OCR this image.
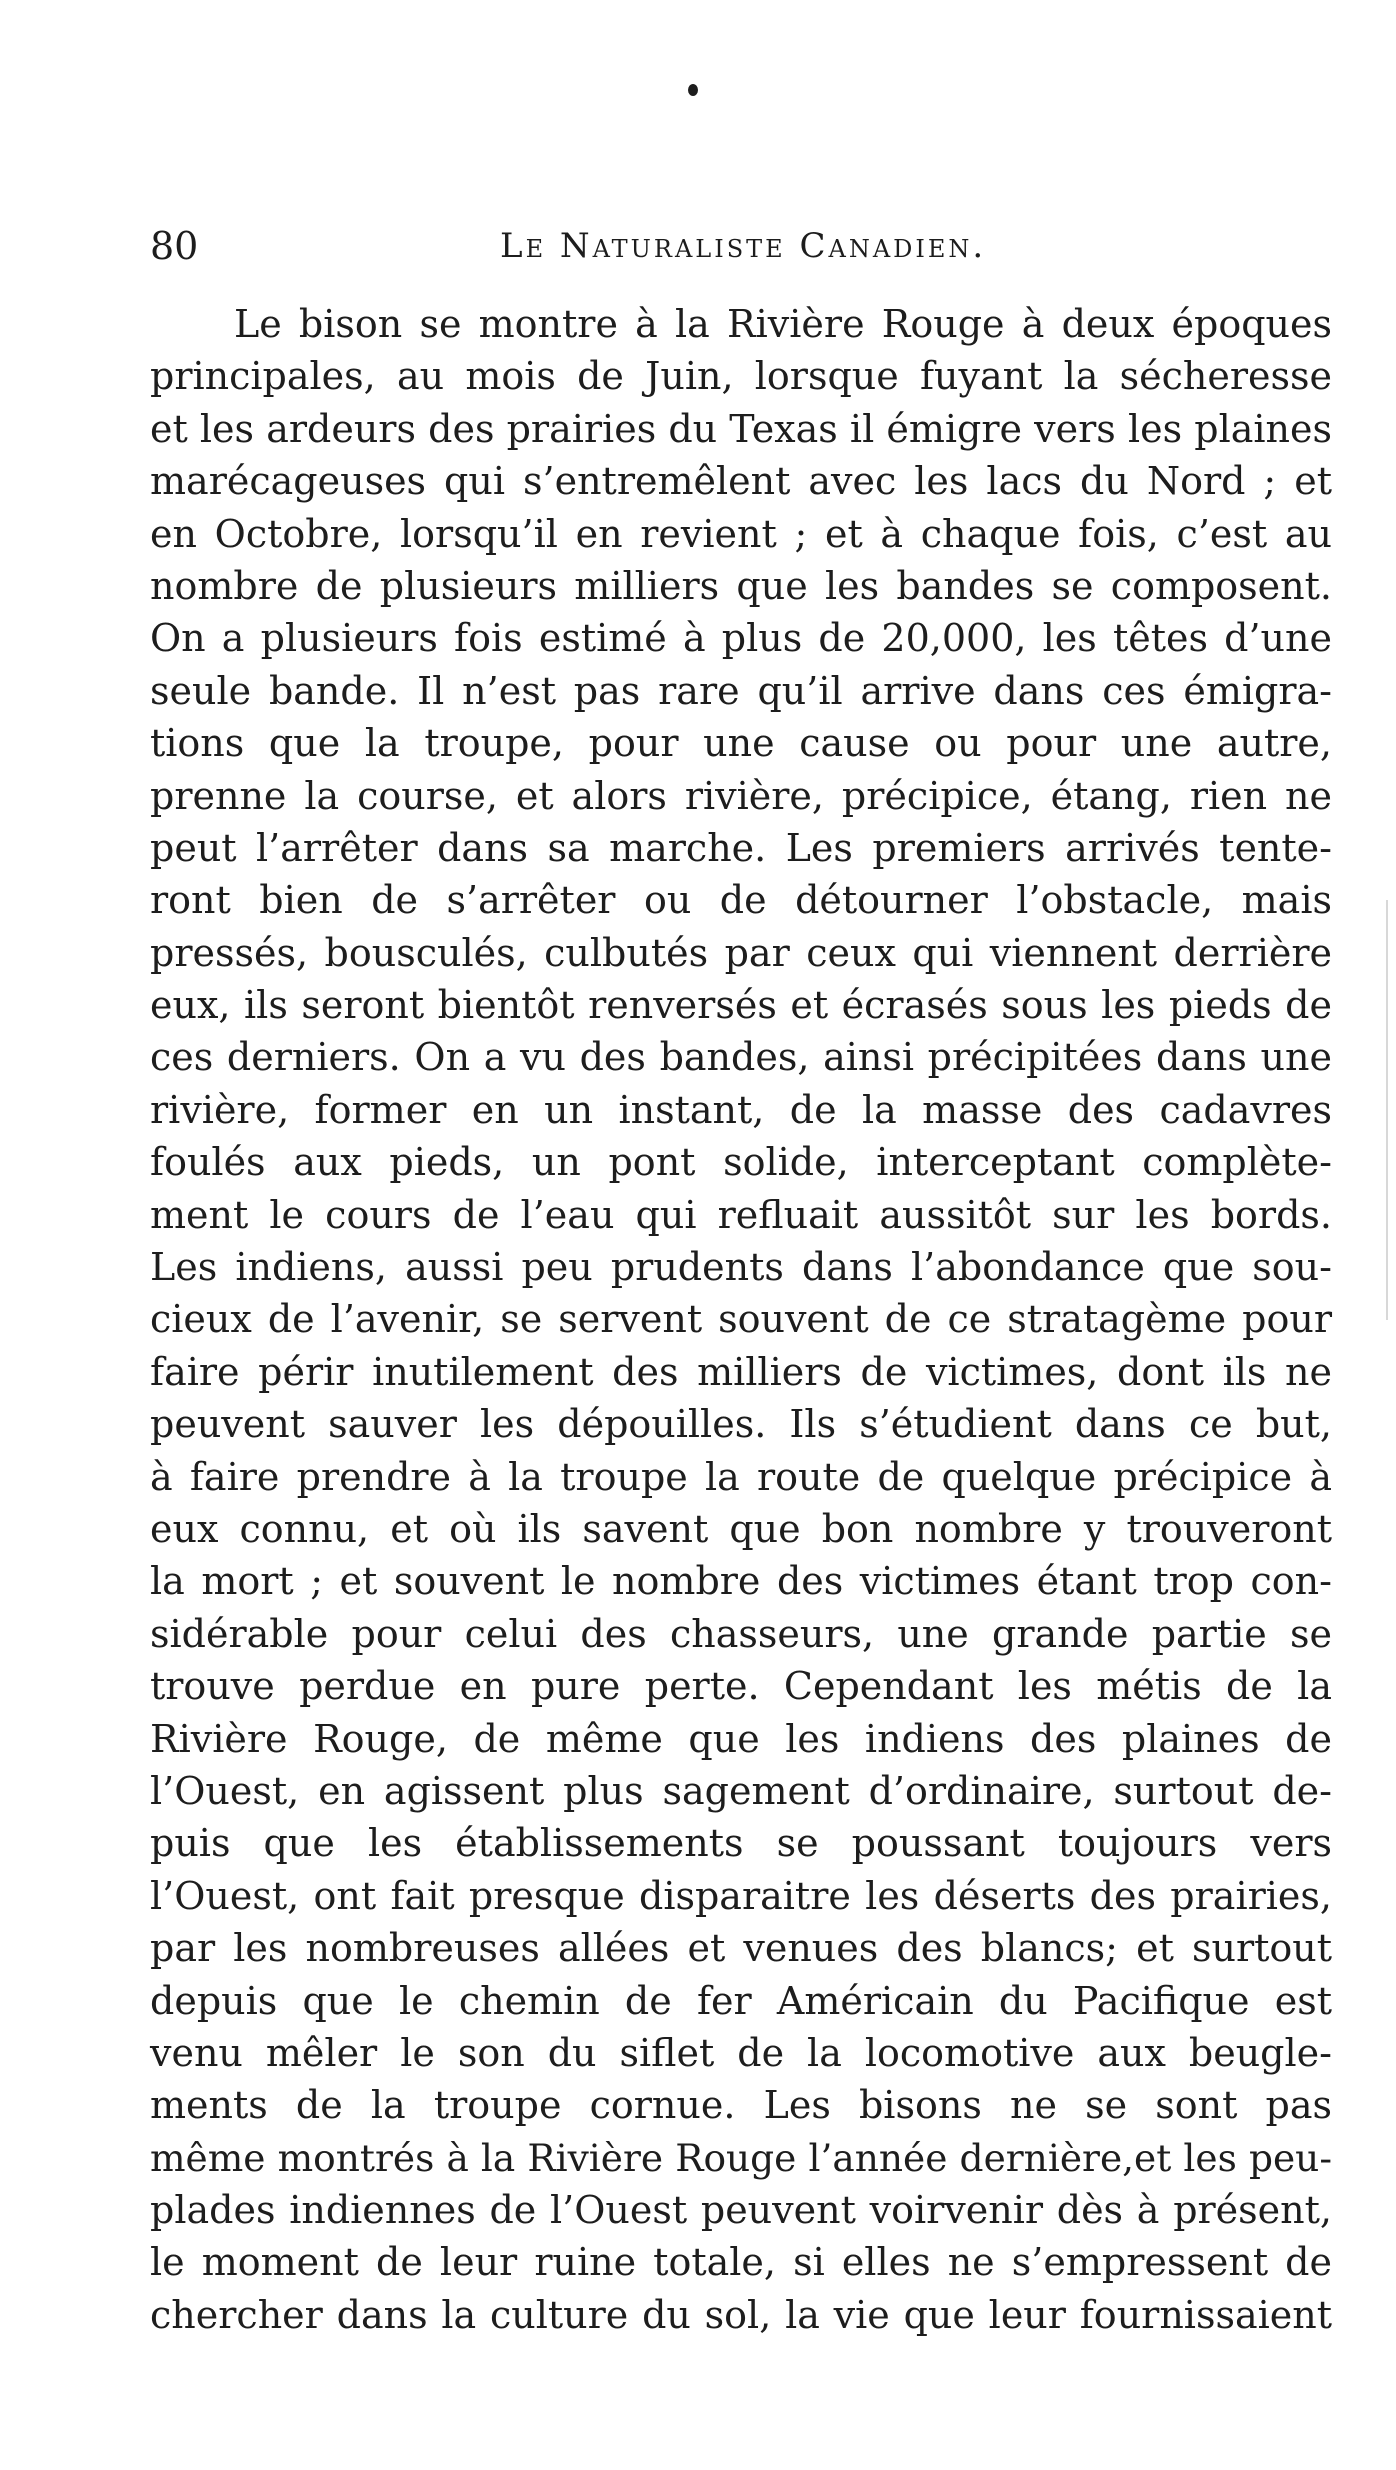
80	Le Naturaliste Canadien.
Le bison se montre à la Rivière Rouge à deux époques
principales, au mois de Juin, lorsque fuyant la sécheresse
et les ardeurs des prairies du Texas il émigre vers les plaines
marécageuses qui s’entremêlent avec les lacs du Nord ; et
en Octobre, lorsqu’il en revient ; et à chaque fois, c’est au
nombre de plusieurs milliers que les bandes se composent.
On a plusieurs fois estimé à plus de 20,000, les têtes d’une
seule bande. Il n’est pas rare qu’il arrive dans ces émigra-
tions que la troupe, pour une cause ou pour une autre,
prenne la course, et alors rivière, précipice, étang, rien ne
peut l’arrêter dans sa marche. Les premiers arrivés tente-
ront bien de s’arrêter ou de détourner l’obstacle, mais
pressés, bousculés, culbutés par ceux qui viennent derrière
eux, ils seront bientôt renversés et écrasés sous les pieds de
ces derniers. On a vu des bandes, ainsi précipitées dans une
rivière, former en un instant, de la masse des cadavres
foulés aux pieds, un pont solide, interceptant complète-
ment le cours de l’eau qui refluait aussitôt sur les bords.
Les indiens, aussi peu prudents dans l’abondance que sou-
cieux de l’avenir, se servent souvent de ce stratagème pour
faire périr inutilement des milliers de victimes, dont ils ne
peuvent sauver les dépouilles. Ils s’étudient dans ce but,
à faire prendre à la troupe la route de quelque précipice à
eux connu, et où ils savent que bon nombre y trouveront
la mort ; et souvent le nombre des victimes étant trop con-
sidérable pour celui des chasseurs, une grande partie se
trouve perdue en pure perte. Cependant les métis de la
Rivière Rouge, de même que les indiens des plaines de
l’Ouest, en agissent plus sagement d’ordinaire, surtout de-
puis que les établissements se poussant toujours vers
l’Ouest, ont fait presque disparaitre les déserts des prairies,
par les nombreuses allées et venues des blancs; et surtout
depuis que le chemin de fer Américain du Pacifique est
venu mêler le son du siflet de la locomotive aux beugle-
ments de la troupe cornue. Les bisons ne se sont pas
même montrés à la Rivière Rouge l’année dernière,et les peu-
plades indiennes de l’Ouest peuvent voirvenir dès à présent,
le moment de leur ruine totale, si elles ne s’empressent de
chercher dans la culture du sol, la vie que leur fournissaient
